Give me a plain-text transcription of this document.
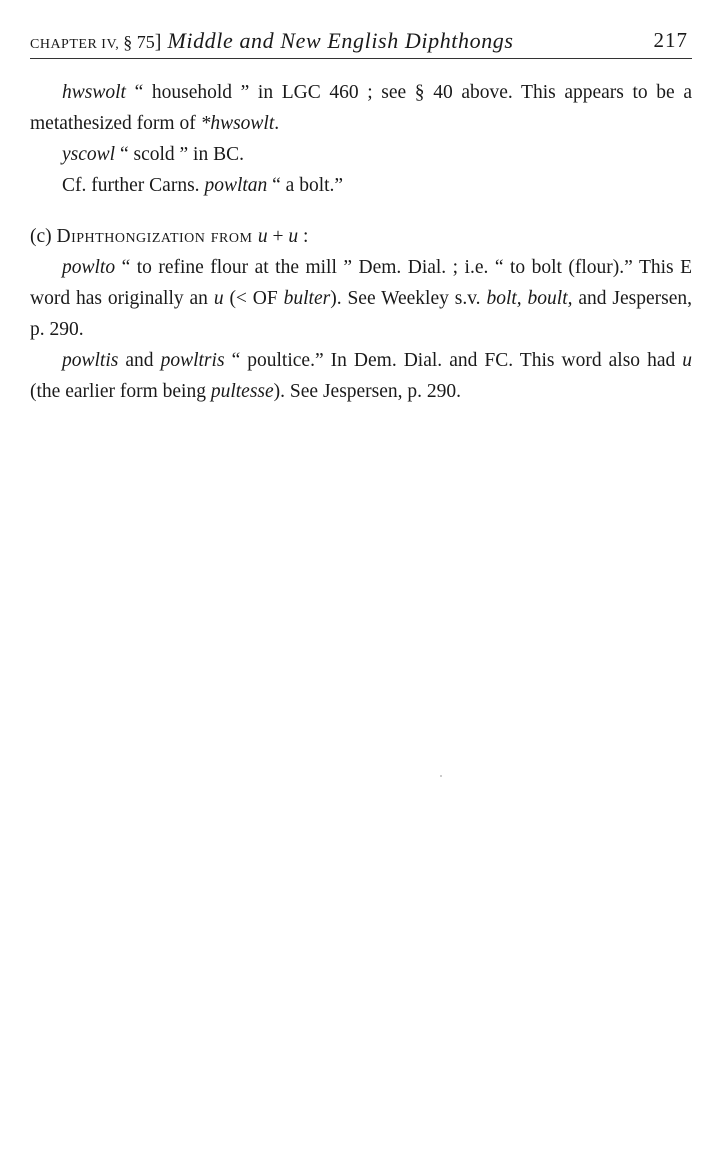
CHAPTER IV, § 75] Middle and New English Diphthongs	217

hwswolt “ household ” in LGC 460 ; see § 40 above. This appears to be a metathesized form of *hwsowlt.

yscowl “ scold ” in BC.

Cf. further Carns. powltan “ a bolt.”

(c) Diphthongization from u + u :

powlto “ to refine flour at the mill ” Dem. Dial. ; i.e. “ to bolt (flour).” This E word has originally an u (< OF bulter). See Weekley s.v. bolt, boult, and Jespersen, p. 290.

powltis and powltris “ poultice.” In Dem. Dial. and FC. This word also had u (the earlier form being pultesse). See Jespersen, p. 290.
